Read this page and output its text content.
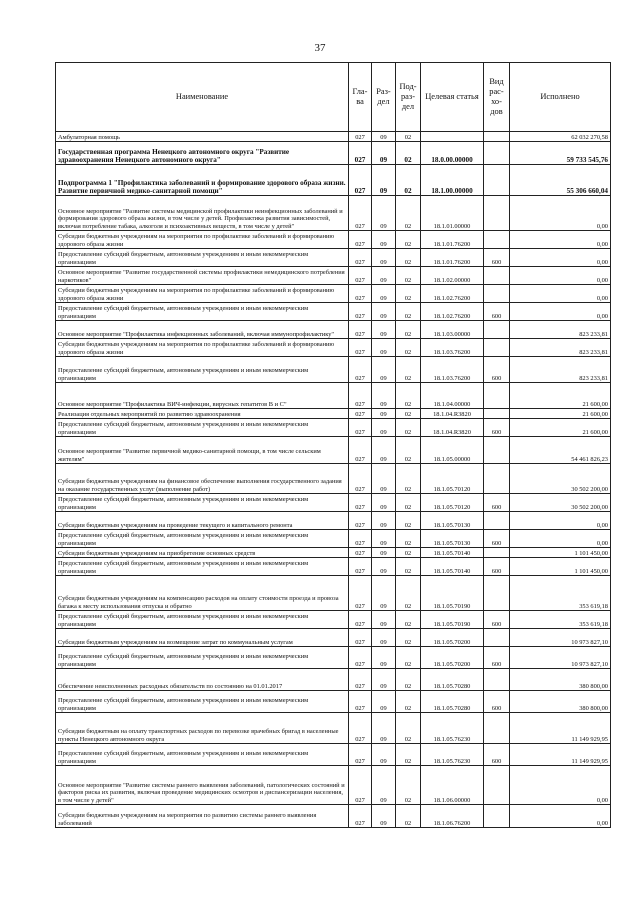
37
Наименование	Гла-ва	Раз-дел	Под-раз-дел	Целевая статья	Вид рас-хо-дов	Исполнено
Амбулаторная помощь	027	09	02			62 032 270,58
Государственная программа Ненецкого автономного округа "Развитие здравоохранения Ненецкого автономного округа"	027	09	02	18.0.00.00000		59 733 545,76
Подпрограмма 1 "Профилактика заболеваний и формирование здорового образа жизни. Развитие первичной медико-санитарной помощи"	027	09	02	18.1.00.00000		55 306 660,04
Основное мероприятие "Развитие системы медицинской профилактики неинфекционных заболеваний и формирования здорового образа жизни, в том числе у детей. Профилактика развития зависимостей, включая потребление табака, алкоголя и психоактивных веществ, в том числе у детей"	027	09	02	18.1.01.00000		0,00
Субсидии бюджетным учреждениям на мероприятия по профилактике заболеваний и формированию здорового образа жизни	027	09	02	18.1.01.76200		0,00
Предоставление субсидий бюджетным, автономным учреждениям и иным некоммерческим организациям	027	09	02	18.1.01.76200	600	0,00
Основное мероприятие "Развитие государственной системы профилактики немедицинского потребления наркотиков"	027	09	02	18.1.02.00000		0,00
Субсидии бюджетным учреждениям на мероприятия по профилактике заболеваний и формированию здорового образа жизни	027	09	02	18.1.02.76200		0,00
Предоставление субсидий бюджетным, автономным учреждениям и иным некоммерческим организациям	027	09	02	18.1.02.76200	600	0,00
Основное мероприятие "Профилактика инфекционных заболеваний, включая иммунопрофилактику"	027	09	02	18.1.03.00000		823 233,81
Субсидии бюджетным учреждениям на мероприятия по профилактике заболеваний и формированию здорового образа жизни	027	09	02	18.1.03.76200		823 233,81
Предоставление субсидий бюджетным, автономным учреждениям и иным некоммерческим организациям	027	09	02	18.1.03.76200	600	823 233,81
Основное мероприятие "Профилактика ВИЧ-инфекции, вирусных гепатитов В и С"	027	09	02	18.1.04.00000		21 600,00
Реализация отдельных мероприятий по развитию здравоохранения	027	09	02	18.1.04.R3820		21 600,00
Предоставление субсидий бюджетным, автономным учреждениям и иным некоммерческим организациям	027	09	02	18.1.04.R3820	600	21 600,00
Основное мероприятие "Развитие первичной медико-санитарной помощи, в том числе сельским жителям"	027	09	02	18.1.05.00000		54 461 826,23
Субсидии бюджетным учреждениям на финансовое обеспечение выполнения государственного задания на оказание государственных услуг (выполнение работ)	027	09	02	18.1.05.70120		30 502 200,00
Предоставление субсидий бюджетным, автономным учреждениям и иным некоммерческим организациям	027	09	02	18.1.05.70120	600	30 502 200,00
Субсидии бюджетным учреждениям на проведение текущего и капитального ремонта	027	09	02	18.1.05.70130		0,00
Предоставление субсидий бюджетным, автономным учреждениям и иным некоммерческим организациям	027	09	02	18.1.05.70130	600	0,00
Субсидии бюджетным учреждениям на приобретение основных средств	027	09	02	18.1.05.70140		1 101 450,00
Предоставление субсидий бюджетным, автономным учреждениям и иным некоммерческим организациям	027	09	02	18.1.05.70140	600	1 101 450,00
Субсидии бюджетным учреждениям на компенсацию расходов на оплату стоимости проезда и провоза багажа к месту использования отпуска и обратно	027	09	02	18.1.05.70190		353 619,18
Предоставление субсидий бюджетным, автономным учреждениям и иным некоммерческим организациям	027	09	02	18.1.05.70190	600	353 619,18
Субсидии бюджетным учреждениям на возмещение затрат по коммунальным услугам	027	09	02	18.1.05.70200		10 973 827,10
Предоставление субсидий бюджетным, автономным учреждениям и иным некоммерческим организациям	027	09	02	18.1.05.70200	600	10 973 827,10
Обеспечение неисполненных расходных обязательств по состоянию на 01.01.2017	027	09	02	18.1.05.70280		380 800,00
Предоставление субсидий бюджетным, автономным учреждениям и иным некоммерческим организациям	027	09	02	18.1.05.70280	600	380 800,00
Субсидии бюджетным на оплату транспортных расходов по перевозке врачебных бригад в населенные пункты Ненецкого автономного округа	027	09	02	18.1.05.76230		11 149 929,95
Предоставление субсидий бюджетным, автономным учреждениям и иным некоммерческим организациям	027	09	02	18.1.05.76230	600	11 149 929,95
Основное мероприятие "Развитие системы раннего выявления заболеваний, патологических состояний и факторов риска их развития, включая проведение медицинских осмотров и диспансеризации населения, в том числе у детей"	027	09	02	18.1.06.00000		0,00
Субсидии бюджетным учреждениям на мероприятия по развитию системы раннего выявления заболеваний	027	09	02	18.1.06.76200		0,00
